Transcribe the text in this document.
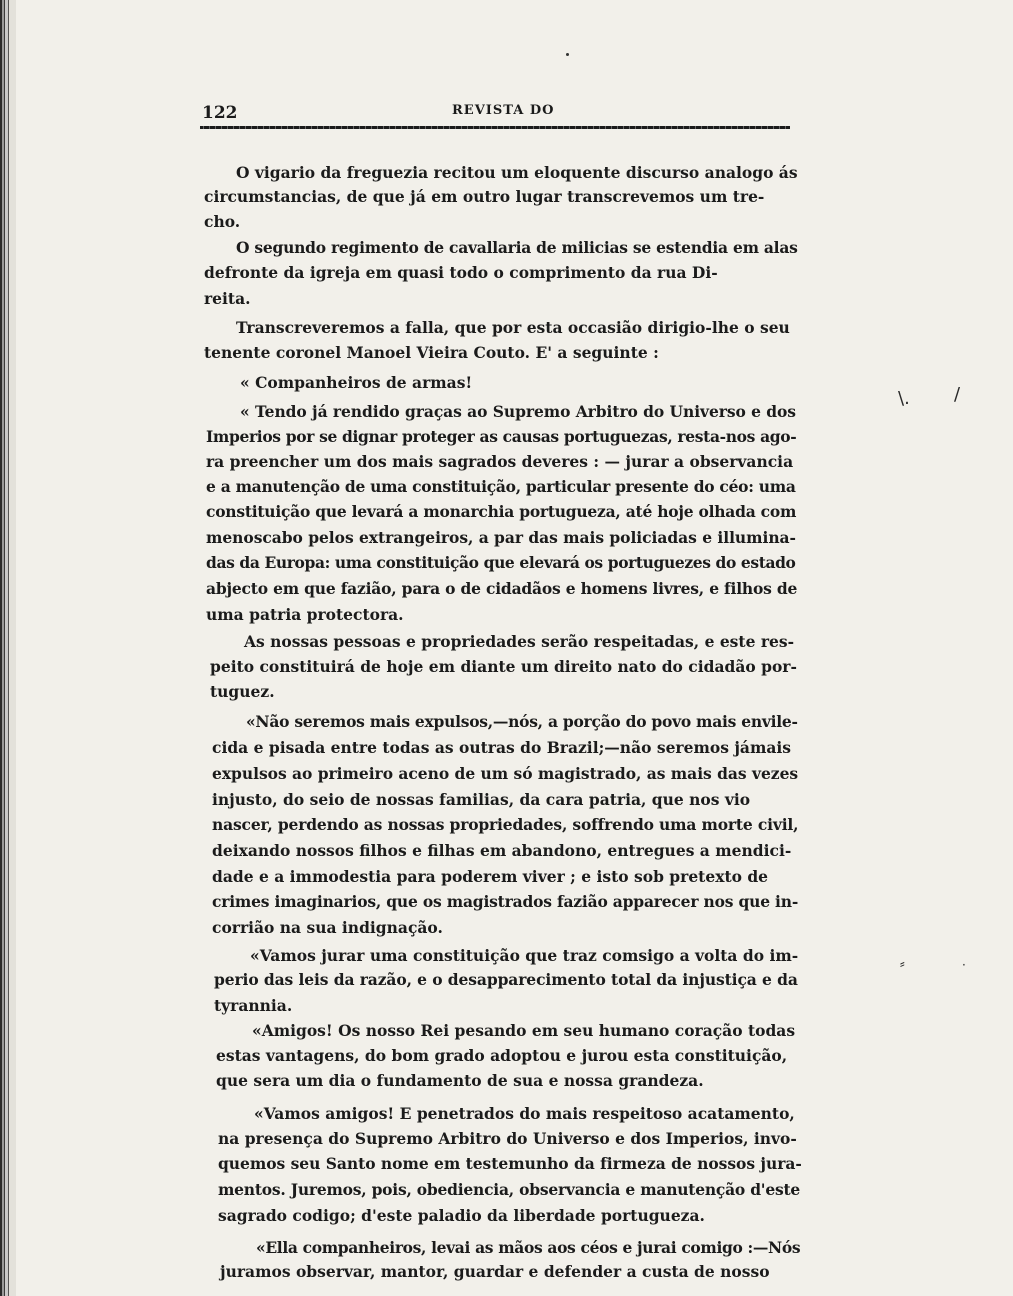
122	REVISTA DO
O vigario da freguezia recitou um eloquente discurso analogo ás
circumstancias, de que já em outro lugar transcrevemos um tre-
cho.
O segundo regimento de cavallaria de milicias se estendia em alas
defronte da igreja em quasi todo o comprimento da rua Di-
reita.
Transcreveremos a falla, que por esta occasião dirigio-lhe o seu
tenente coronel Manoel Vieira Couto. E' a seguinte :
« Companheiros de armas!
« Tendo já rendido graças ao Supremo Arbitro do Universo e dos
Imperios por se dignar proteger as causas portuguezas, resta-nos ago-
ra preencher um dos mais sagrados deveres : — jurar a observancia
e a manutenção de uma constituição, particular presente do céo: uma
constituição que levará a monarchia portugueza, até hoje olhada com
menoscabo pelos extrangeiros, a par das mais policiadas e illumina-
das da Europa: uma constituição que elevará os portuguezes do estado
abjecto em que fazião, para o de cidadãos e homens livres, e filhos de
uma patria protectora.
As nossas pessoas e propriedades serão respeitadas, e este res-
peito constituirá de hoje em diante um direito nato do cidadão por-
tuguez.
«Não seremos mais expulsos,—nós, a porção do povo mais envile-
cida e pisada entre todas as outras do Brazil;—não seremos jámais
expulsos ao primeiro aceno de um só magistrado, as mais das vezes
injusto, do seio de nossas familias, da cara patria, que nos vio
nascer, perdendo as nossas propriedades, soffrendo uma morte civil,
deixando nossos filhos e filhas em abandono, entregues a mendici-
dade e a immodestia para poderem viver ; e isto sob pretexto de
crimes imaginarios, que os magistrados fazião apparecer nos que in-
corrião na sua indignação.
«Vamos jurar uma constituição que traz comsigo a volta do im-
perio das leis da razão, e o desapparecimento total da injustiça e da
tyrannia.
«Amigos! Os nosso Rei pesando em seu humano coração todas
estas vantagens, do bom grado adoptou e jurou esta constituição,
que sera um dia o fundamento de sua e nossa grandeza.
«Vamos amigos! E penetrados do mais respeitoso acatamento,
na presença do Supremo Arbitro do Universo e dos Imperios, invo-
quemos seu Santo nome em testemunho da firmeza de nossos jura-
mentos. Juremos, pois, obediencia, observancia e manutenção d'este
sagrado codigo; d'este paladio da liberdade portugueza.
«Ella companheiros, levai as mãos aos céos e jurai comigo :—Nós
juramos observar, mantor, guardar e defender a custa de nosso
\. /
⸗	·
